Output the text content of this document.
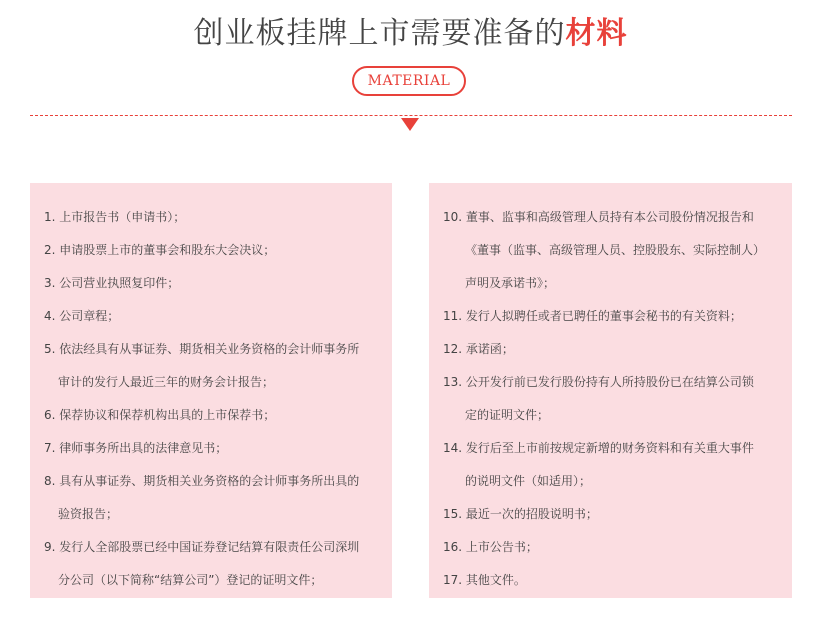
创业板挂牌上市需要准备的材料
MATERIAL
1. 上市报告书（申请书）；
2. 申请股票上市的董事会和股东大会决议；
3. 公司营业执照复印件；
4. 公司章程；
5. 依法经具有从事证券、期货相关业务资格的会计师事务所
审计的发行人最近三年的财务会计报告；
6. 保荐协议和保荐机构出具的上市保荐书；
7. 律师事务所出具的法律意见书；
8. 具有从事证券、期货相关业务资格的会计师事务所出具的
验资报告；
9. 发行人全部股票已经中国证券登记结算有限责任公司深圳
分公司（以下简称“结算公司”）登记的证明文件；
10. 董事、监事和高级管理人员持有本公司股份情况报告和
《董事（监事、高级管理人员、控股股东、实际控制人）
声明及承诺书》；
11. 发行人拟聘任或者已聘任的董事会秘书的有关资料；
12. 承诺函；
13. 公开发行前已发行股份持有人所持股份已在结算公司锁
定的证明文件；
14. 发行后至上市前按规定新增的财务资料和有关重大事件
的说明文件（如适用）；
15. 最近一次的招股说明书；
16. 上市公告书；
17. 其他文件。
